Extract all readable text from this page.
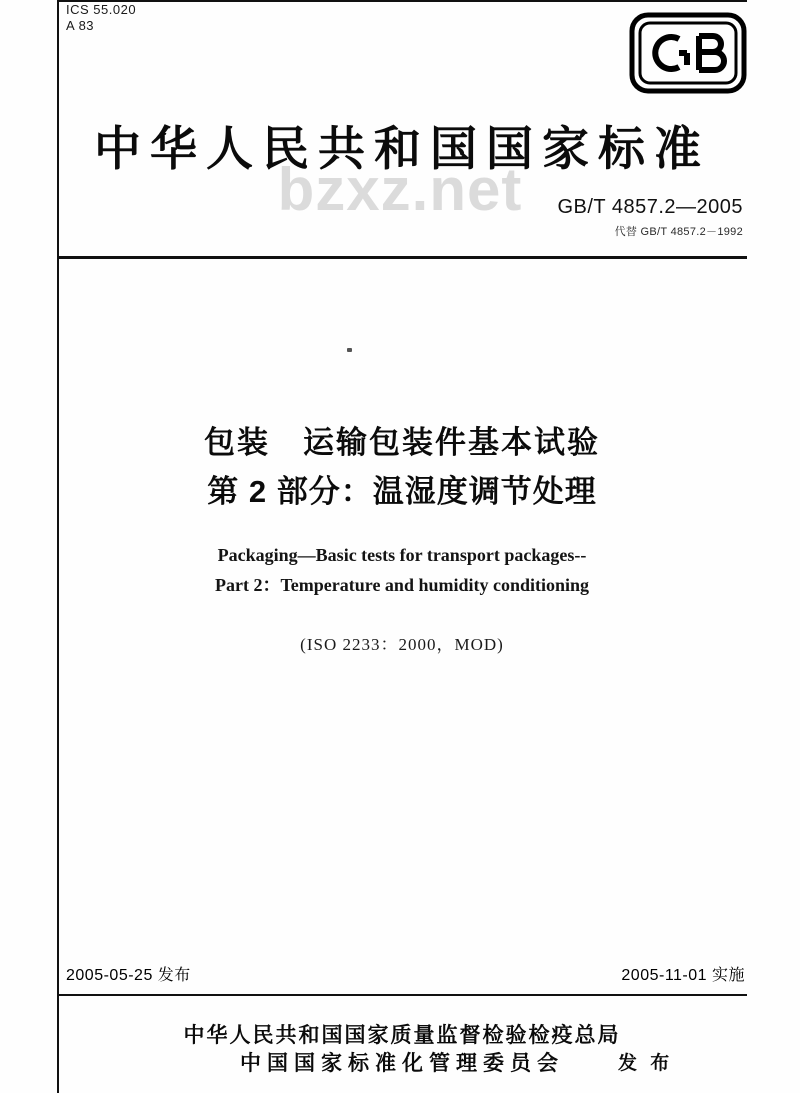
ICS 55.020
A 83
中华人民共和国国家标准
bzxz.net	GB/T 4857.2—2005
代替 GB/T 4857.2－1992
包装　运输包装件基本试验
第 2 部分：温湿度调节处理
Packaging—Basic tests for transport packages--
Part 2：Temperature and humidity conditioning
(ISO 2233：2000，MOD)
2005-05-25 发布	2005-11-01 实施
中华人民共和国国家质量监督检验检疫总局
中国国家标准化管理委员会	发 布
